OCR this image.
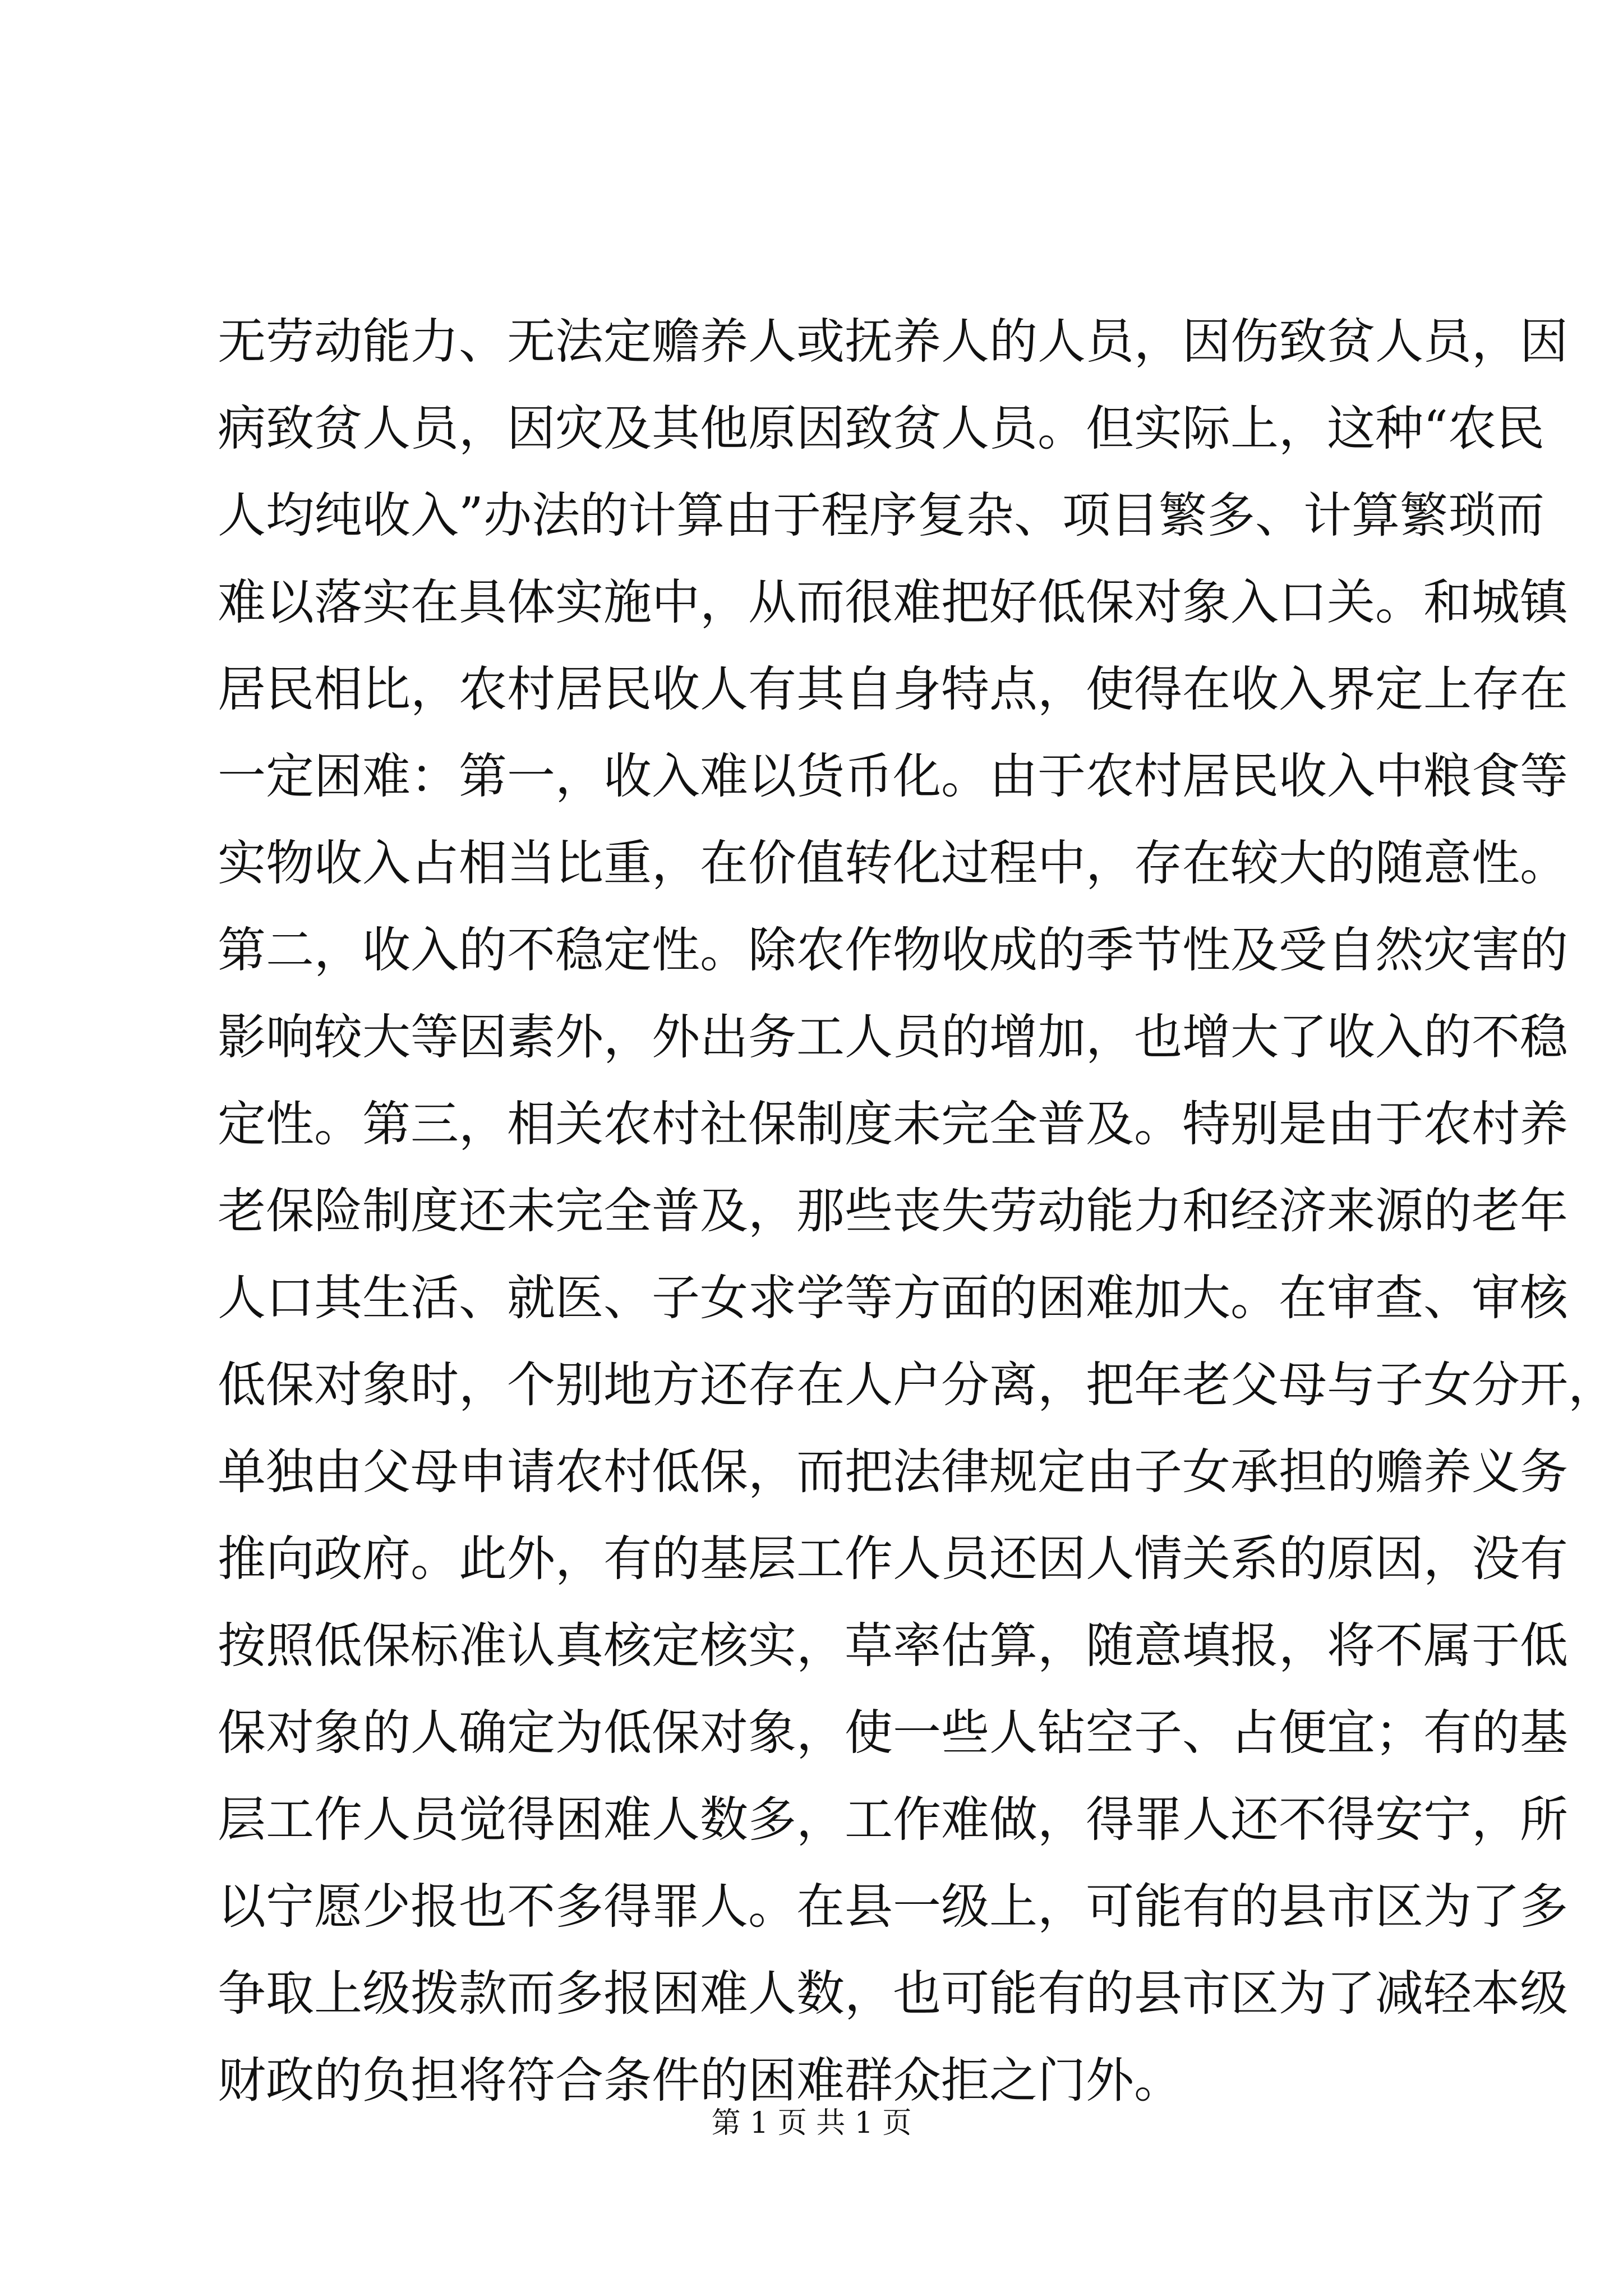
无劳动能力、无法定赡养人或抚养人的人员，因伤致贫人员，因
病致贫人员，因灾及其他原因致贫人员。但实际上，这种“农民
人均纯收入”办法的计算由于程序复杂、项目繁多、计算繁琐而
难以落实在具体实施中，从而很难把好低保对象入口关。和城镇
居民相比，农村居民收人有其自身特点，使得在收入界定上存在
一定困难：第一，收入难以货币化。由于农村居民收入中粮食等
实物收入占相当比重，在价值转化过程中，存在较大的随意性。
第二，收入的不稳定性。除农作物收成的季节性及受自然灾害的
影响较大等因素外，外出务工人员的增加，也增大了收入的不稳
定性。第三，相关农村社保制度未完全普及。特别是由于农村养
老保险制度还未完全普及，那些丧失劳动能力和经济来源的老年
人口其生活、就医、子女求学等方面的困难加大。在审查、审核
低保对象时，个别地方还存在人户分离，把年老父母与子女分开，
单独由父母申请农村低保，而把法律规定由子女承担的赡养义务
推向政府。此外，有的基层工作人员还因人情关系的原因，没有
按照低保标准认真核定核实，草率估算，随意填报，将不属于低
保对象的人确定为低保对象，使一些人钻空子、占便宜；有的基
层工作人员觉得困难人数多，工作难做，得罪人还不得安宁，所
以宁愿少报也不多得罪人。在县一级上，可能有的县市区为了多
争取上级拨款而多报困难人数，也可能有的县市区为了减轻本级
财政的负担将符合条件的困难群众拒之门外。
第 1 页 共 1 页
